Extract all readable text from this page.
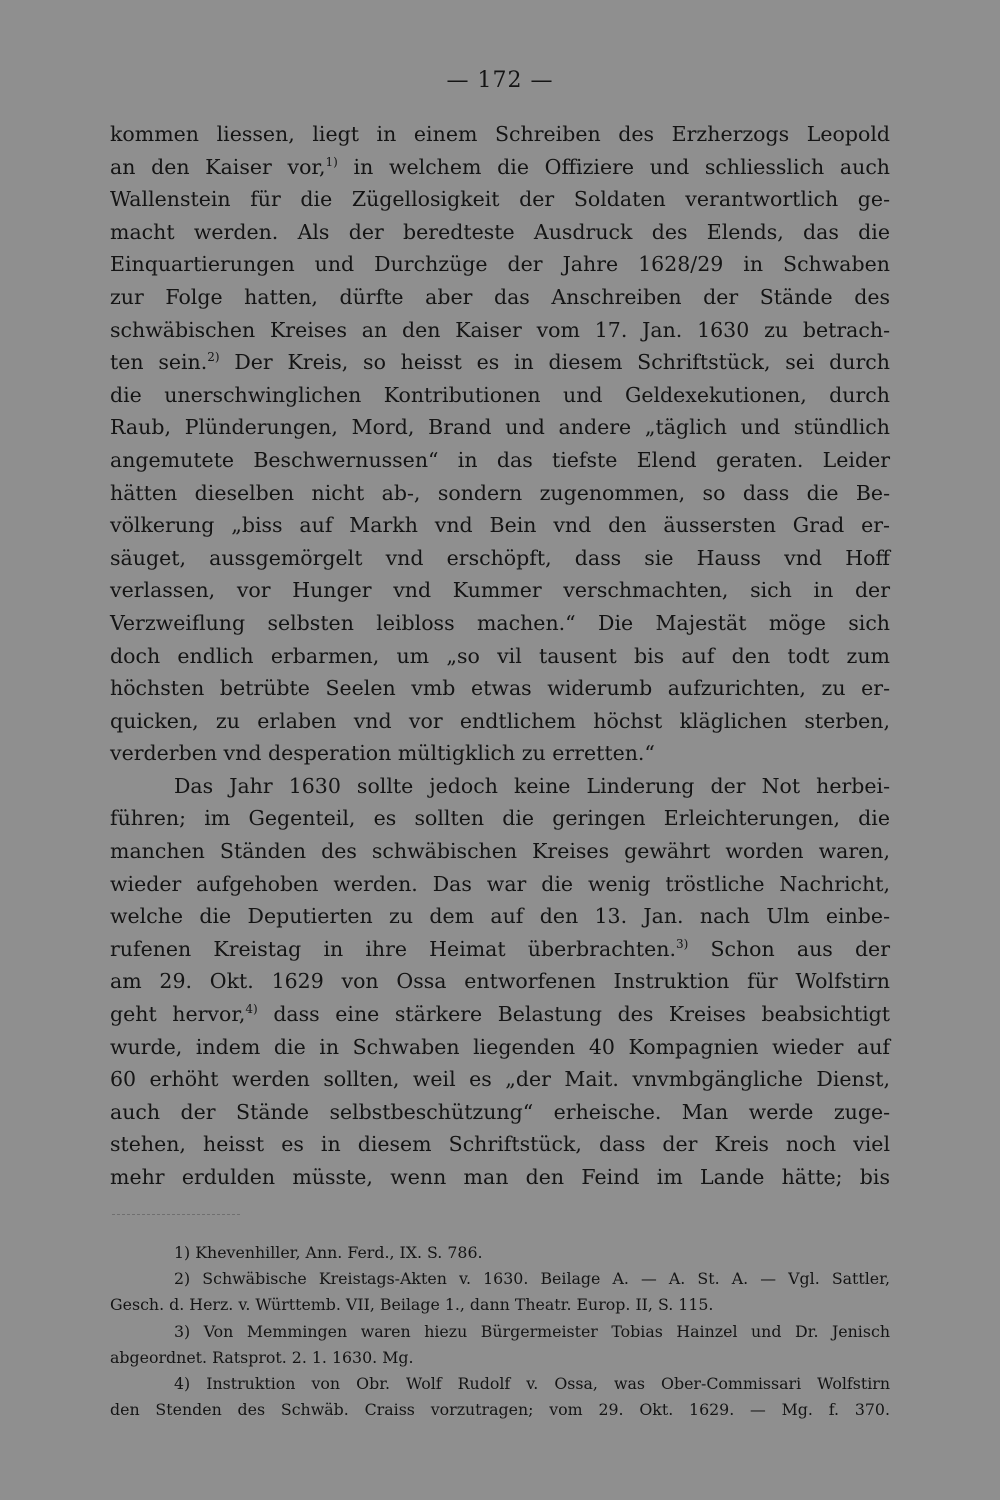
— 172 —
kommen liessen, liegt in einem Schreiben des Erzherzogs Leopold
an den Kaiser vor,$^{1)}$ in welchem die Offiziere und schliesslich auch
Wallenstein für die Zügellosigkeit der Soldaten verantwortlich ge-
macht werden. Als der beredteste Ausdruck des Elends, das die
Einquartierungen und Durchzüge der Jahre 1628/29 in Schwaben
zur Folge hatten, dürfte aber das Anschreiben der Stände des
schwäbischen Kreises an den Kaiser vom 17. Jan. 1630 zu betrach-
ten sein.$^{2)}$ Der Kreis, so heisst es in diesem Schriftstück, sei durch
die unerschwinglichen Kontributionen und Geldexekutionen, durch
Raub, Plünderungen, Mord, Brand und andere „täglich und stündlich
angemutete Beschwernussen“ in das tiefste Elend geraten. Leider
hätten dieselben nicht ab-, sondern zugenommen, so dass die Be-
völkerung „biss auf Markh vnd Bein vnd den äussersten Grad er-
säuget, aussgemörgelt vnd erschöpft, dass sie Hauss vnd Hoff
verlassen, vor Hunger vnd Kummer verschmachten, sich in der
Verzweiflung selbsten leibloss machen.“ Die Majestät möge sich
doch endlich erbarmen, um „so vil tausent bis auf den todt zum
höchsten betrübte Seelen vmb etwas widerumb aufzurichten, zu er-
quicken, zu erlaben vnd vor endtlichem höchst kläglichen sterben,
verderben vnd desperation mültigklich zu erretten.“
Das Jahr 1630 sollte jedoch keine Linderung der Not herbei-
führen; im Gegenteil, es sollten die geringen Erleichterungen, die
manchen Ständen des schwäbischen Kreises gewährt worden waren,
wieder aufgehoben werden. Das war die wenig tröstliche Nachricht,
welche die Deputierten zu dem auf den 13. Jan. nach Ulm einbe-
rufenen Kreistag in ihre Heimat überbrachten.$^{3)}$ Schon aus der
am 29. Okt. 1629 von Ossa entworfenen Instruktion für Wolfstirn
geht hervor,$^{4)}$ dass eine stärkere Belastung des Kreises beabsichtigt
wurde, indem die in Schwaben liegenden 40 Kompagnien wieder auf
60 erhöht werden sollten, weil es „der Mait. vnvmbgängliche Dienst,
auch der Stände selbstbeschützung“ erheische. Man werde zuge-
stehen, heisst es in diesem Schriftstück, dass der Kreis noch viel
mehr erdulden müsste, wenn man den Feind im Lande hätte; bis
1) Khevenhiller, Ann. Ferd., IX. S. 786.
2) Schwäbische Kreistags-Akten v. 1630. Beilage A. — A. St. A. — Vgl. Sattler,
Gesch. d. Herz. v. Württemb. VII, Beilage 1., dann Theatr. Europ. II, S. 115.
3) Von Memmingen waren hiezu Bürgermeister Tobias Hainzel und Dr. Jenisch
abgeordnet. Ratsprot. 2. 1. 1630. Mg.
4) Instruktion von Obr. Wolf Rudolf v. Ossa, was Ober-Commissari Wolfstirn
den Stenden des Schwäb. Craiss vorzutragen; vom 29. Okt. 1629. — Mg. f. 370.
